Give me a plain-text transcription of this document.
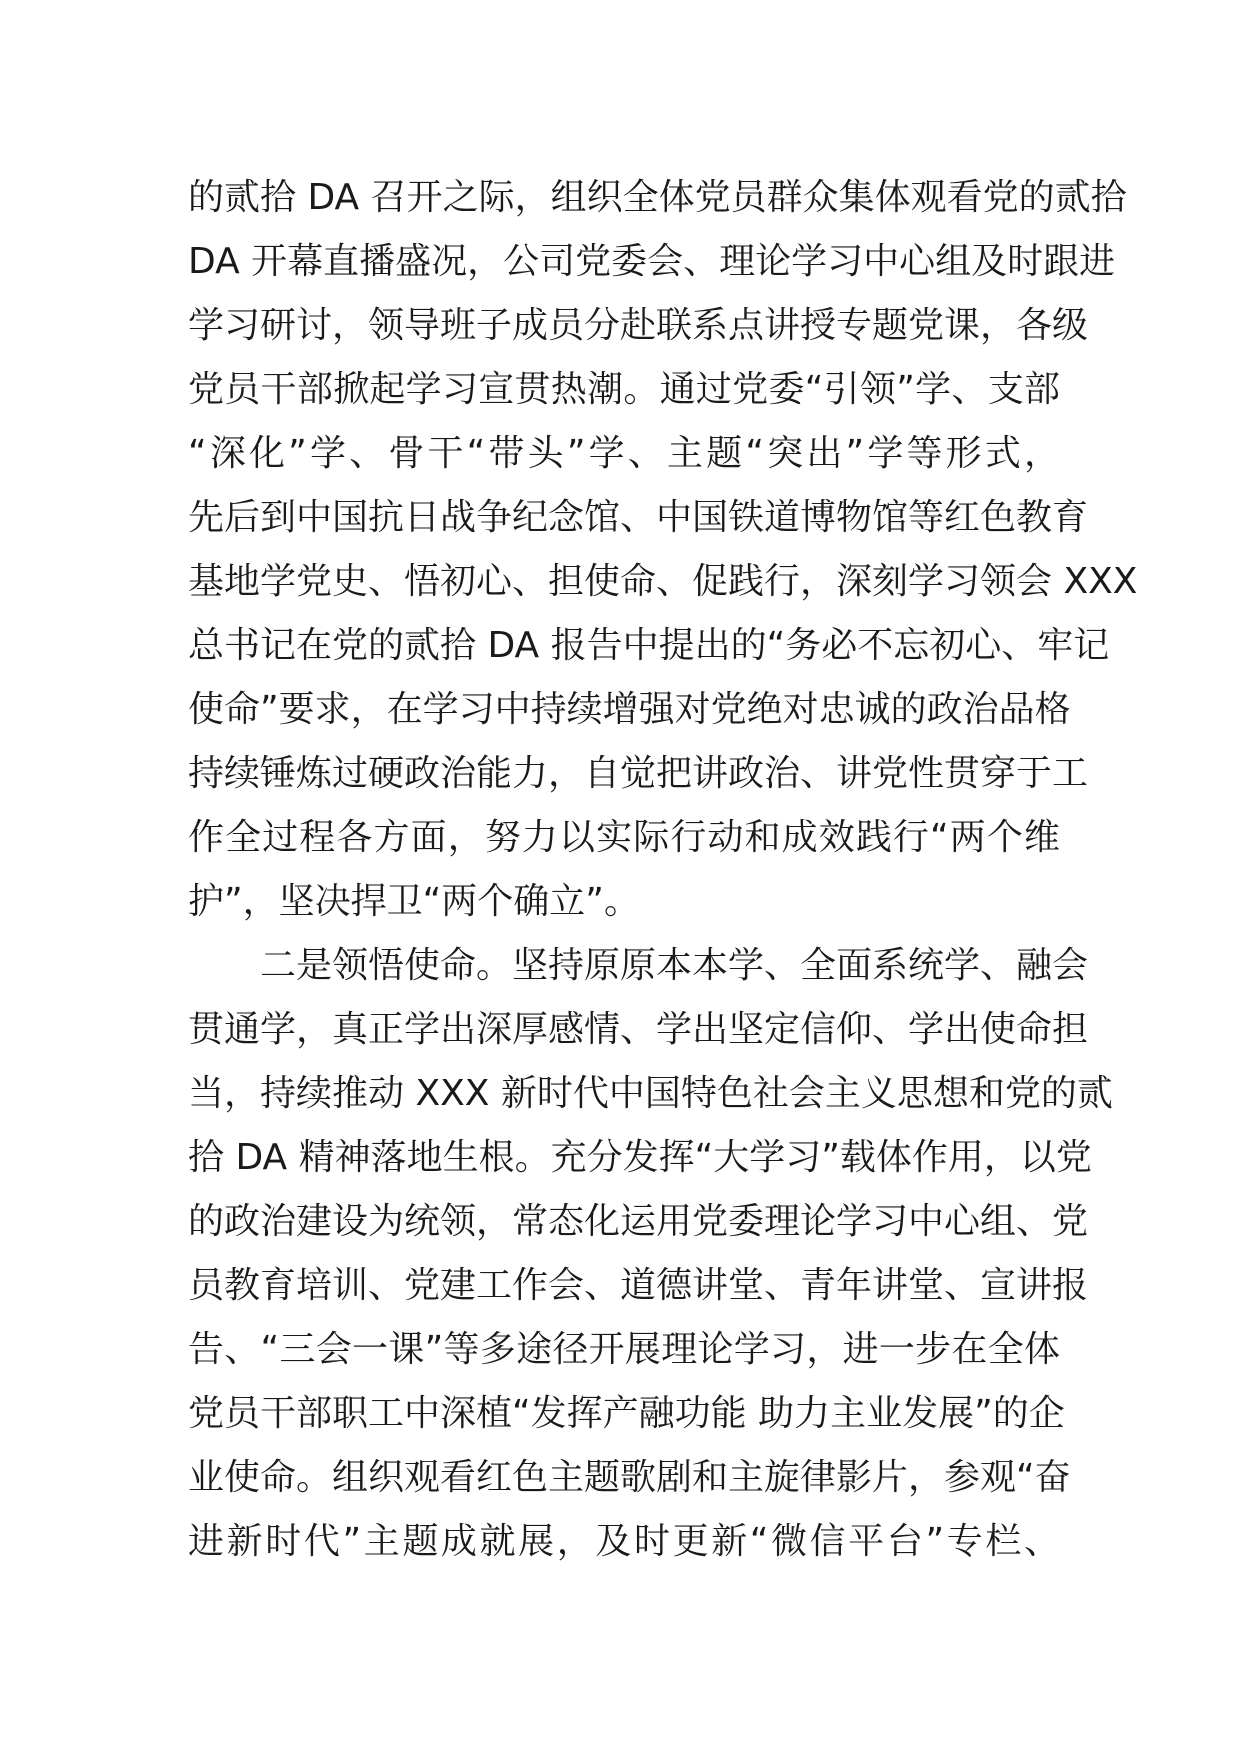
的贰拾 DA 召开之际，组织全体党员群众集体观看党的贰拾
DA 开幕直播盛况，公司党委会、理论学习中心组及时跟进
学习研讨，领导班子成员分赴联系点讲授专题党课，各级
党员干部掀起学习宣贯热潮。通过党委“引领”学、支部
“深化”学、骨干“带头”学、主题“突出”学等形式，
先后到中国抗日战争纪念馆、中国铁道博物馆等红色教育
基地学党史、悟初心、担使命、促践行，深刻学习领会 XXX
总书记在党的贰拾 DA 报告中提出的“务必不忘初心、牢记
使命”要求，在学习中持续增强对党绝对忠诚的政治品格
持续锤炼过硬政治能力，自觉把讲政治、讲党性贯穿于工
作全过程各方面，努力以实际行动和成效践行“两个维
护”，坚决捍卫“两个确立”。
二是领悟使命。坚持原原本本学、全面系统学、融会
贯通学，真正学出深厚感情、学出坚定信仰、学出使命担
当，持续推动 XXX 新时代中国特色社会主义思想和党的贰
拾 DA 精神落地生根。充分发挥“大学习”载体作用，以党
的政治建设为统领，常态化运用党委理论学习中心组、党
员教育培训、党建工作会、道德讲堂、青年讲堂、宣讲报
告、“三会一课”等多途径开展理论学习，进一步在全体
党员干部职工中深植“发挥产融功能 助力主业发展”的企
业使命。组织观看红色主题歌剧和主旋律影片，参观“奋
进新时代”主题成就展，及时更新“微信平台”专栏、
